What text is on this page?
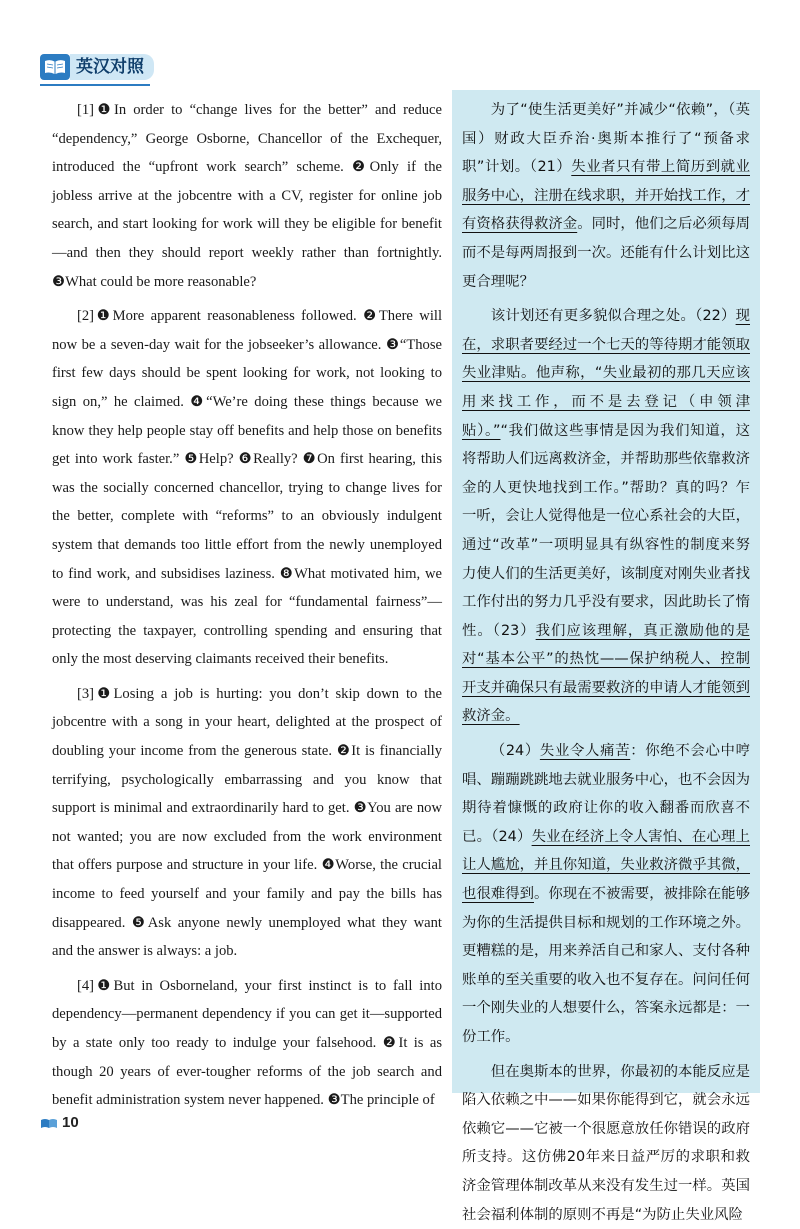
英汉对照

[1]❶In order to “change lives for the better” and reduce “dependency,” George Osborne, Chancellor of the Exchequer, introduced the “upfront work search” scheme. ❷Only if the jobless arrive at the jobcentre with a CV, register for online job search, and start looking for work will they be eligible for benefit—and then they should report weekly rather than fortnightly. ❸What could be more reasonable?

[2]❶More apparent reasonableness followed. ❷There will now be a seven-day wait for the jobseeker’s allowance. ❸“Those first few days should be spent looking for work, not looking to sign on,” he claimed. ❹“We’re doing these things because we know they help people stay off benefits and help those on benefits get into work faster.” ❺Help? ❻Really? ❼On first hearing, this was the socially concerned chancellor, trying to change lives for the better, complete with “reforms” to an obviously indulgent system that demands too little effort from the newly unemployed to find work, and subsidises laziness. ❽What motivated him, we were to understand, was his zeal for “fundamental fairness”—protecting the taxpayer, controlling spending and ensuring that only the most deserving claimants received their benefits.

[3]❶Losing a job is hurting: you don’t skip down to the jobcentre with a song in your heart, delighted at the prospect of doubling your income from the generous state. ❷It is financially terrifying, psychologically embarrassing and you know that support is minimal and extraordinarily hard to get. ❸You are now not wanted; you are now excluded from the work environment that offers purpose and structure in your life. ❹Worse, the crucial income to feed yourself and your family and pay the bills has disappeared. ❺Ask anyone newly unemployed what they want and the answer is always: a job.

[4]❶But in Osborneland, your first instinct is to fall into dependency—permanent dependency if you can get it—supported by a state only too ready to indulge your falsehood. ❷It is as though 20 years of ever-tougher reforms of the job search and benefit administration system never happened. ❸The principle of

为了“使生活更美好”并减少“依赖”，（英国）财政大臣乔治·奥斯本推行了“预备求职”计划。（21）失业者只有带上简历到就业服务中心，注册在线求职，并开始找工作，才有资格获得救济金。同时，他们之后必须每周而不是每两周报到一次。还能有什么计划比这更合理呢？

该计划还有更多貌似合理之处。（22）现在，求职者要经过一个七天的等待期才能领取失业津贴。他声称，“失业最初的那几天应该用来找工作，而不是去登记（申领津贴）。”“我们做这些事情是因为我们知道，这将帮助人们远离救济金，并帮助那些依靠救济金的人更快地找到工作。”帮助？真的吗？乍一听，会让人觉得他是一位心系社会的大臣，通过“改革”一项明显具有纵容性的制度来努力使人们的生活更美好，该制度对刚失业者找工作付出的努力几乎没有要求，因此助长了惰性。（23）我们应该理解，真正激励他的是对“基本公平”的热忱——保护纳税人、控制开支并确保只有最需要救济的申请人才能领到救济金。

（24）失业令人痛苦：你绝不会心中哼唱、蹦蹦跳跳地去就业服务中心，也不会因为期待着慷慨的政府让你的收入翻番而欣喜不已。（24）失业在经济上令人害怕、在心理上让人尴尬，并且你知道，失业救济微乎其微，也很难得到。你现在不被需要，被排除在能够为你的生活提供目标和规划的工作环境之外。更糟糕的是，用来养活自己和家人、支付各种账单的至关重要的收入也不复存在。问问任何一个刚失业的人想要什么，答案永远都是：一份工作。

但在奥斯本的世界，你最初的本能反应是陷入依赖之中——如果你能得到它，就会永远依赖它——它被一个很愿意放任你错误的政府所支持。这仿佛20年来日益严厉的求职和救济金管理体制改革从来没有发生过一样。英国社会福利体制的原则不再是“为防止失业风险

10
